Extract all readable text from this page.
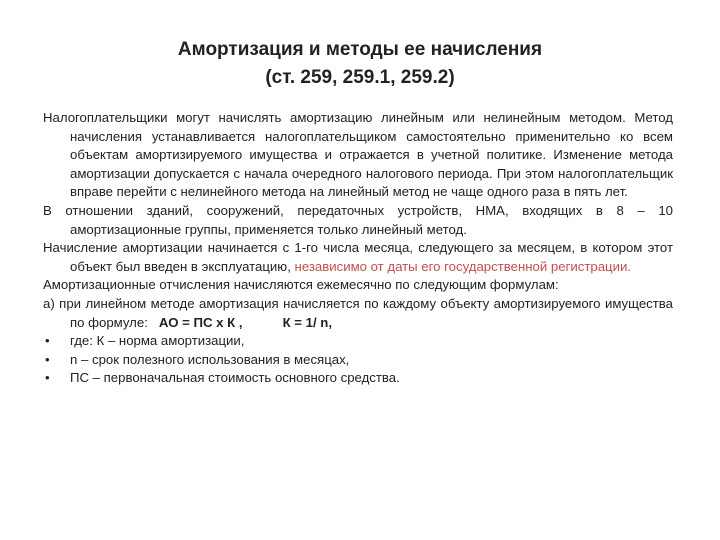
Амортизация и методы ее начисления
(ст. 259, 259.1, 259.2)

Налогоплательщики могут начислять амортизацию линейным или нелинейным методом. Метод начисления устанавливается налогоплательщиком самостоятельно применительно ко всем объектам амортизируемого имущества и отражается в учетной политике. Изменение метода амортизации допускается с начала очередного налогового периода. При этом налогоплательщик вправе перейти с нелинейного метода на линейный метод не чаще одного раза в пять лет.

В отношении зданий, сооружений, передаточных устройств, НМА, входящих в 8 – 10 амортизационные группы, применяется только линейный метод.

Начисление амортизации начинается с 1-го числа месяца, следующего за месяцем, в котором этот объект был введен в эксплуатацию, независимо от даты его государственной регистрации.

Амортизационные отчисления начисляются ежемесячно по следующим формулам:

а) при линейном методе амортизация начисляется по каждому объекту амортизируемого имущества по формуле: АО = ПС х К ,	К = 1/ n,

• где: К – норма амортизации,

• n – срок полезного использования в месяцах,

• ПС – первоначальная стоимость основного средства.
